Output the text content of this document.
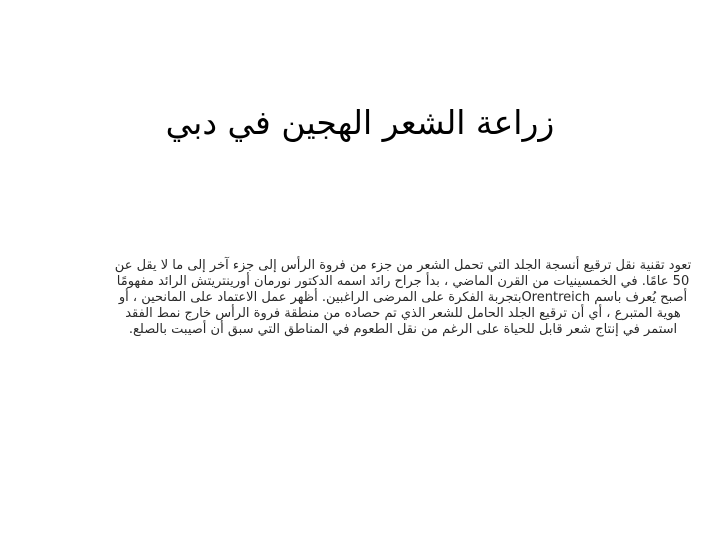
زراعة الشعر الهجين في دبي

تعود تقنية نقل ترقيع أنسجة الجلد التي تحمل الشعر من جزء من فروة الرأس إلى جزء آخر إلى ما لا يقل عن 50 عامًا. في الخمسينيات من القرن الماضي ، بدأ جراح رائد اسمه الدكتور نورمان أورينتريتش الرائد مفهومًا أصبح يُعرف باسم Orentreichبتجربة الفكرة على المرضى الراغبين. أظهر عمل الاعتماد على المانحين ، أو هوية المتبرع ، أي أن ترقيع الجلد الحامل للشعر الذي تم حصاده من منطقة فروة الرأس خارج نمط الفقد استمر في إنتاج شعر قابل للحياة على الرغم من نقل الطعوم في المناطق التي سبق أن أصيبت بالصلع.
